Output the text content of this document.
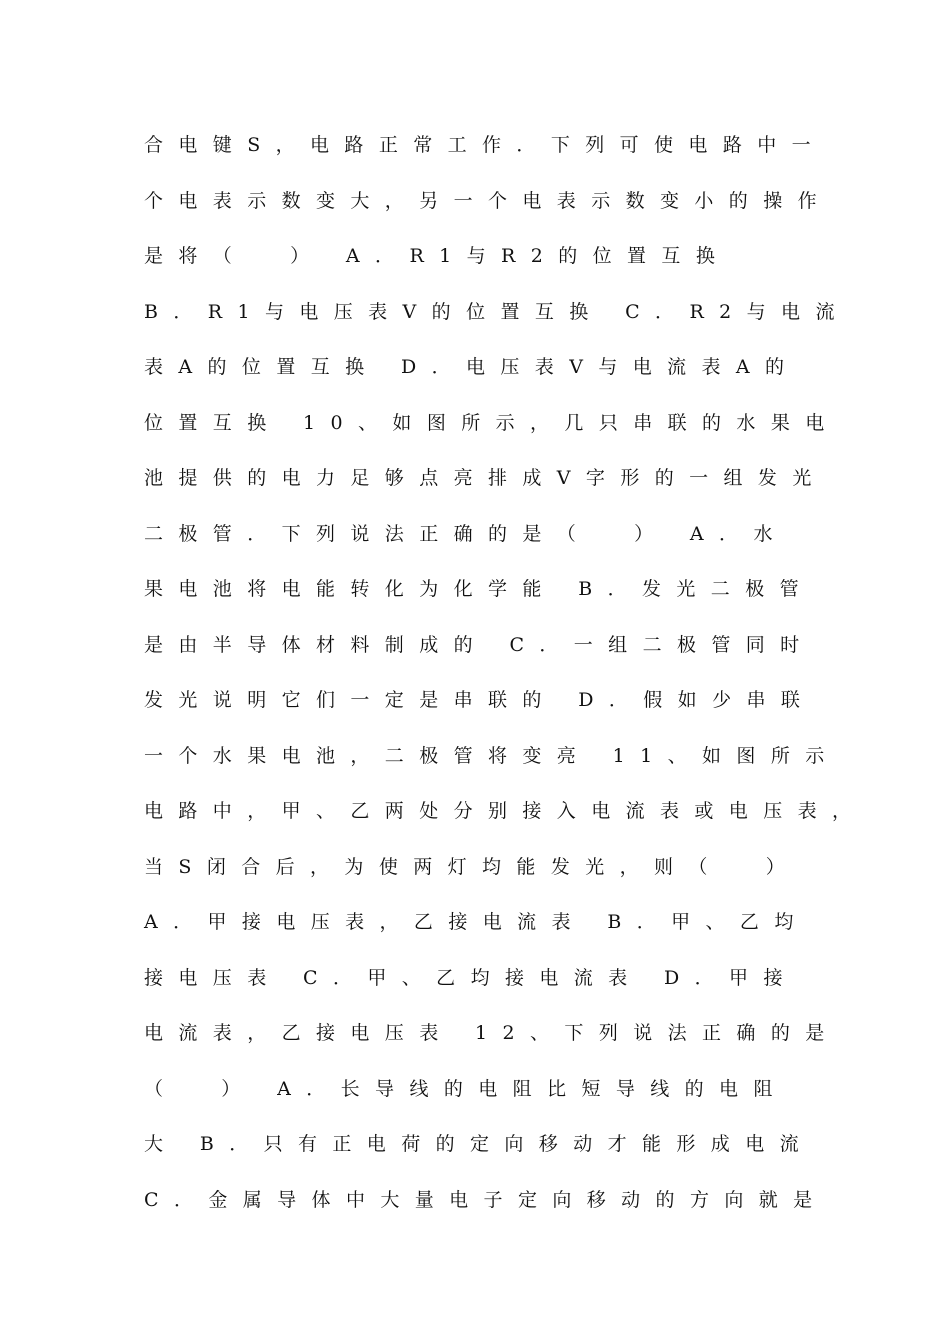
合电键S，电路正常工作．下列可使电路中一
个电表示数变大，另一个电表示数变小的操作
是将（  ） A．R1与R2的位置互换
B．R1与电压表V的位置互换 C．R2与电流
表A的位置互换 D．电压表V与电流表A的
位置互换 10、如图所示，几只串联的水果电
池提供的电力足够点亮排成V字形的一组发光
二极管．下列说法正确的是（  ） A．水
果电池将电能转化为化学能 B．发光二极管
是由半导体材料制成的 C．一组二极管同时
发光说明它们一定是串联的 D．假如少串联
一个水果电池，二极管将变亮 11、如图所示
电路中，甲、乙两处分别接入电流表或电压表，
当S闭合后，为使两灯均能发光，则（  ）
A．甲接电压表，乙接电流表 B．甲、乙均
接电压表 C．甲、乙均接电流表 D．甲接
电流表，乙接电压表 12、下列说法正确的是
（  ） A．长导线的电阻比短导线的电阻
大 B．只有正电荷的定向移动才能形成电流
C．金属导体中大量电子定向移动的方向就是
